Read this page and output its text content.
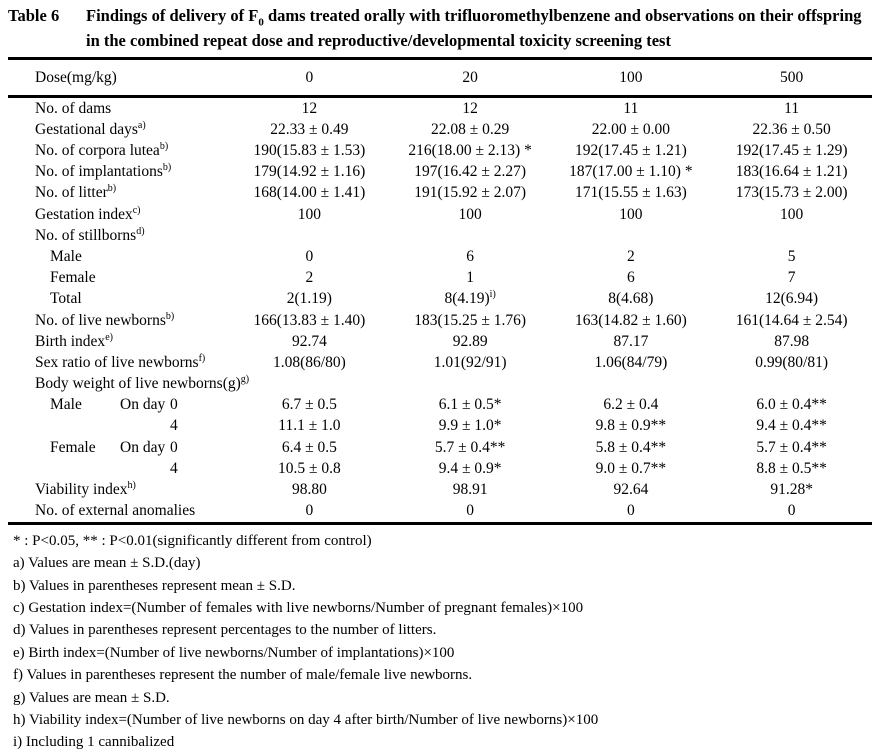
Table 6	Findings of delivery of $F_0$ dams treated orally with trifluoromethylbenzene and observations on their offspring in the combined repeat dose and reproductive/developmental toxicity screening test
Dose(mg/kg)	0	20	100	500
No. of dams	12	12	11	11
Gestational days$^{a)}$	22.33 ± 0.49	22.08 ± 0.29	22.00 ± 0.00	22.36 ± 0.50
No. of corpora lutea$^{b)}$	190(15.83 ± 1.53)	216(18.00 ± 2.13) *	192(17.45 ± 1.21)	192(17.45 ± 1.29)
No. of implantations$^{b)}$	179(14.92 ± 1.16)	197(16.42 ± 2.27)	187(17.00 ± 1.10) *	183(16.64 ± 1.21)
No. of litter$^{b)}$	168(14.00 ± 1.41)	191(15.92 ± 2.07)	171(15.55 ± 1.63)	173(15.73 ± 2.00)
Gestation index$^{c)}$	100	100	100	100
No. of stillborns$^{d)}$				
Male	0	6	2	5
Female	2	1	6	7
Total	2(1.19)	$8(4.19)^{i)}$	8(4.68)	12(6.94)
No. of live newborns$^{b)}$	166(13.83 ± 1.40)	183(15.25 ± 1.76)	163(14.82 ± 1.60)	161(14.64 ± 2.54)
Birth index$^{e)}$	92.74	92.89	87.17	87.98
Sex ratio of live newborns$^{f)}$	1.08(86/80)	1.01(92/91)	1.06(84/79)	0.99(80/81)
Body weight of live $newborns(g)^{g)}$				
Male On day 0	6.7 ± 0.5	6.1 ± 0.5*	6.2 ± 0.4	6.0 ± 0.4**
4	11.1 ± 1.0	9.9 ± 1.0*	9.8 ± 0.9**	9.4 ± 0.4**
Female On day 0	6.4 ± 0.5	5.7 ± 0.4**	5.8 ± 0.4**	5.7 ± 0.4**
4	10.5 ± 0.8	9.4 ± 0.9*	9.0 ± 0.7**	8.8 ± 0.5**
Viability index$^{h)}$	98.80	98.91	92.64	91.28*
No. of external anomalies	0	0	0	0
* : P<0.05, ** : P<0.01(significantly different from control)
a) Values are mean ± S.D.(day)
b) Values in parentheses represent mean ± S.D.
c) Gestation index=(Number of females with live newborns/Number of pregnant females)×100
d) Values in parentheses represent percentages to the number of litters.
e) Birth index=(Number of live newborns/Number of implantations)×100
f) Values in parentheses represent the number of male/female live newborns.
g) Values are mean ± S.D.
h) Viability index=(Number of live newborns on day 4 after birth/Number of live newborns)×100
i) Including 1 cannibalized
